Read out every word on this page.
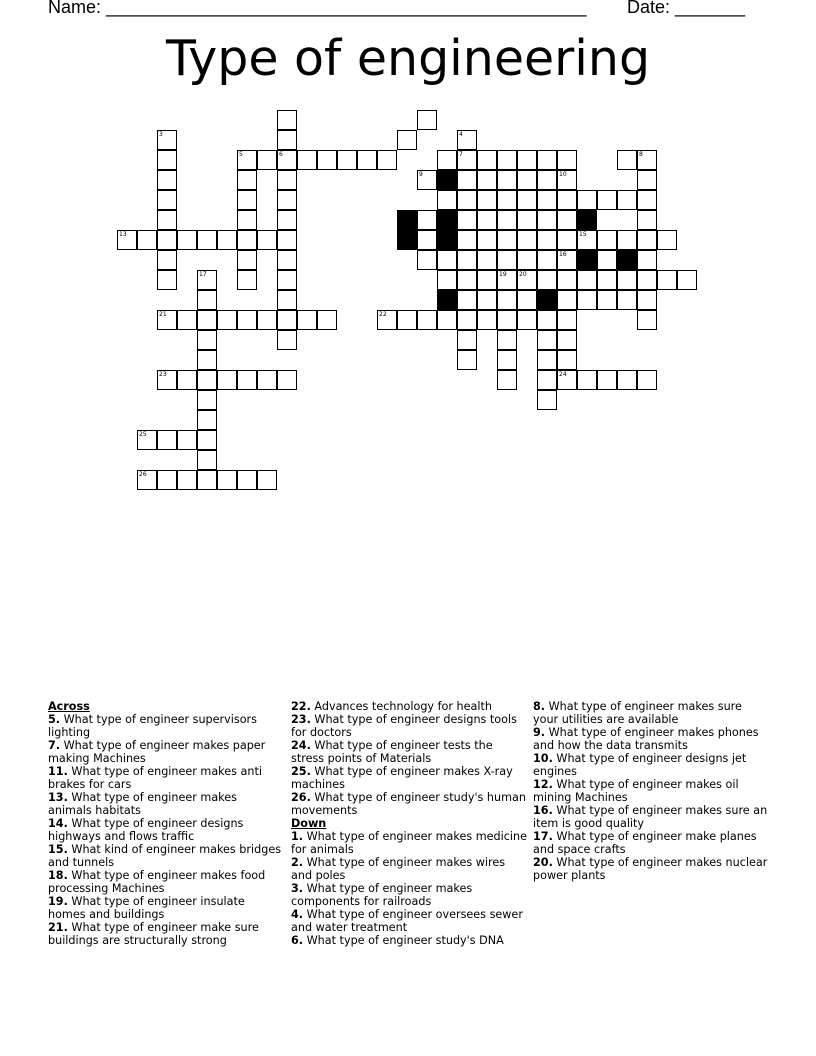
Name: ________________________________________________ Date: _______
Type of engineering
3	4
5	6	7	8
9	10
13	15
16
17	19 20
21	22
23	24
25
26

Across

5. What type of engineer supervisors lighting

7. What type of engineer makes paper making Machines

11. What type of engineer makes anti brakes for cars

13. What type of engineer makes animals habitats

14. What type of engineer designs highways and flows traffic

15. What kind of engineer makes bridges and tunnels

18. What type of engineer makes food processing Machines

19. What type of engineer insulate homes and buildings

21. What type of engineer make sure buildings are structurally strong

22. Advances technology for health

23. What type of engineer designs tools for doctors

24. What type of engineer tests the stress points of Materials

25. What type of engineer makes X-ray machines

26. What type of engineer study's human movements

Down

1. What type of engineer makes medicine for animals

2. What type of engineer makes wires and poles

3. What type of engineer makes components for railroads

4. What type of engineer oversees sewer and water treatment

6. What type of engineer study's DNA

8. What type of engineer makes sure your utilities are available

9. What type of engineer makes phones and how the data transmits

10. What type of engineer designs jet engines

12. What type of engineer makes oil mining Machines

16. What type of engineer makes sure an item is good quality

17. What type of engineer make planes and space crafts

20. What type of engineer makes nuclear power plants
